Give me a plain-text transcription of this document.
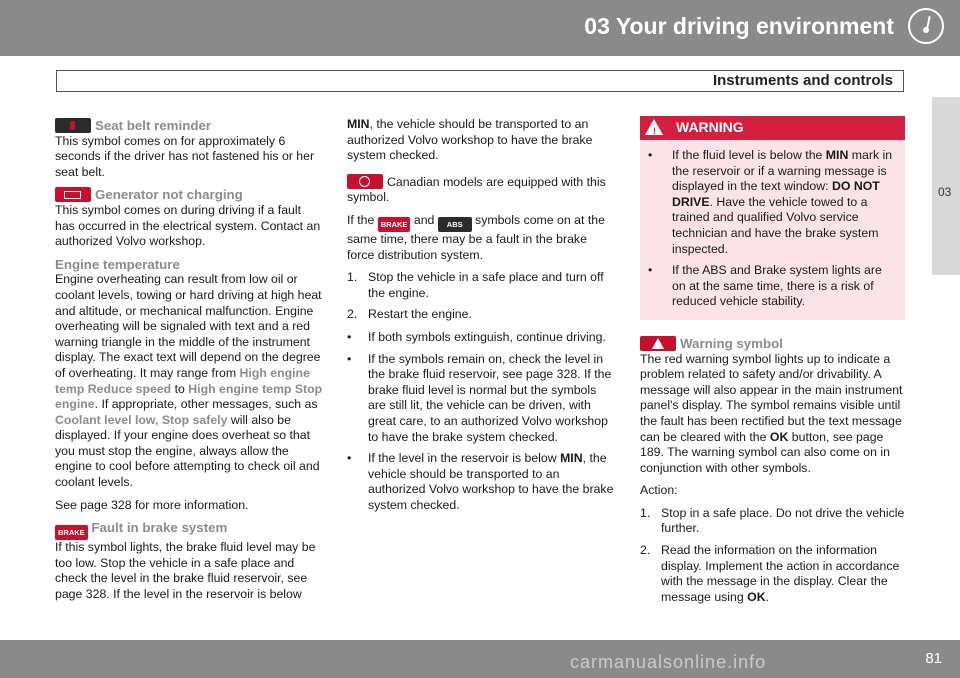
03 Your driving environment
Instruments and controls
03

Seat belt reminder

This symbol comes on for approximately 6 seconds if the driver has not fastened his or her seat belt.

Generator not charging

This symbol comes on during driving if a fault has occurred in the electrical system. Contact an authorized Volvo workshop.

Engine temperature

Engine overheating can result from low oil or coolant levels, towing or hard driving at high heat and altitude, or mechanical malfunction. Engine overheating will be signaled with text and a red warning triangle in the middle of the instrument display. The exact text will depend on the degree of overheating. It may range from High engine temp Reduce speed to High engine temp Stop engine. If appropriate, other messages, such as Coolant level low, Stop safely will also be displayed. If your engine does overheat so that you must stop the engine, always allow the engine to cool before attempting to check oil and coolant levels.

See page 328 for more information.

BRAKE Fault in brake system

If this symbol lights, the brake fluid level may be too low. Stop the vehicle in a safe place and check the level in the brake fluid reservoir, see page 328. If the level in the reservoir is below

MIN, the vehicle should be transported to an authorized Volvo workshop to have the brake system checked.

Canadian models are equipped with this symbol.

If the BRAKE and ABS symbols come on at the same time, there may be a fault in the brake force distribution system.

1. Stop the vehicle in a safe place and turn off the engine.
2. Restart the engine.
• If both symbols extinguish, continue driving.
• If the symbols remain on, check the level in the brake fluid reservoir, see page 328. If the brake fluid level is normal but the symbols are still lit, the vehicle can be driven, with great care, to an authorized Volvo workshop to have the brake system checked.
• If the level in the reservoir is below MIN, the vehicle should be transported to an authorized Volvo workshop to have the brake system checked.
! WARNING
• If the fluid level is below the MIN mark in the reservoir or if a warning message is displayed in the text window: DO NOT DRIVE. Have the vehicle towed to a trained and qualified Volvo service technician and have the brake system inspected.
• If the ABS and Brake system lights are on at the same time, there is a risk of reduced vehicle stability.

Warning symbol

The red warning symbol lights up to indicate a problem related to safety and/or drivability. A message will also appear in the main instrument panel's display. The symbol remains visible until the fault has been rectified but the text message can be cleared with the OK button, see page 189. The warning symbol can also come on in conjunction with other symbols.

Action:

1. Stop in a safe place. Do not drive the vehicle further.
2. Read the information on the information display. Implement the action in accordance with the message in the display. Clear the message using OK.
carmanualsonline.info	81
